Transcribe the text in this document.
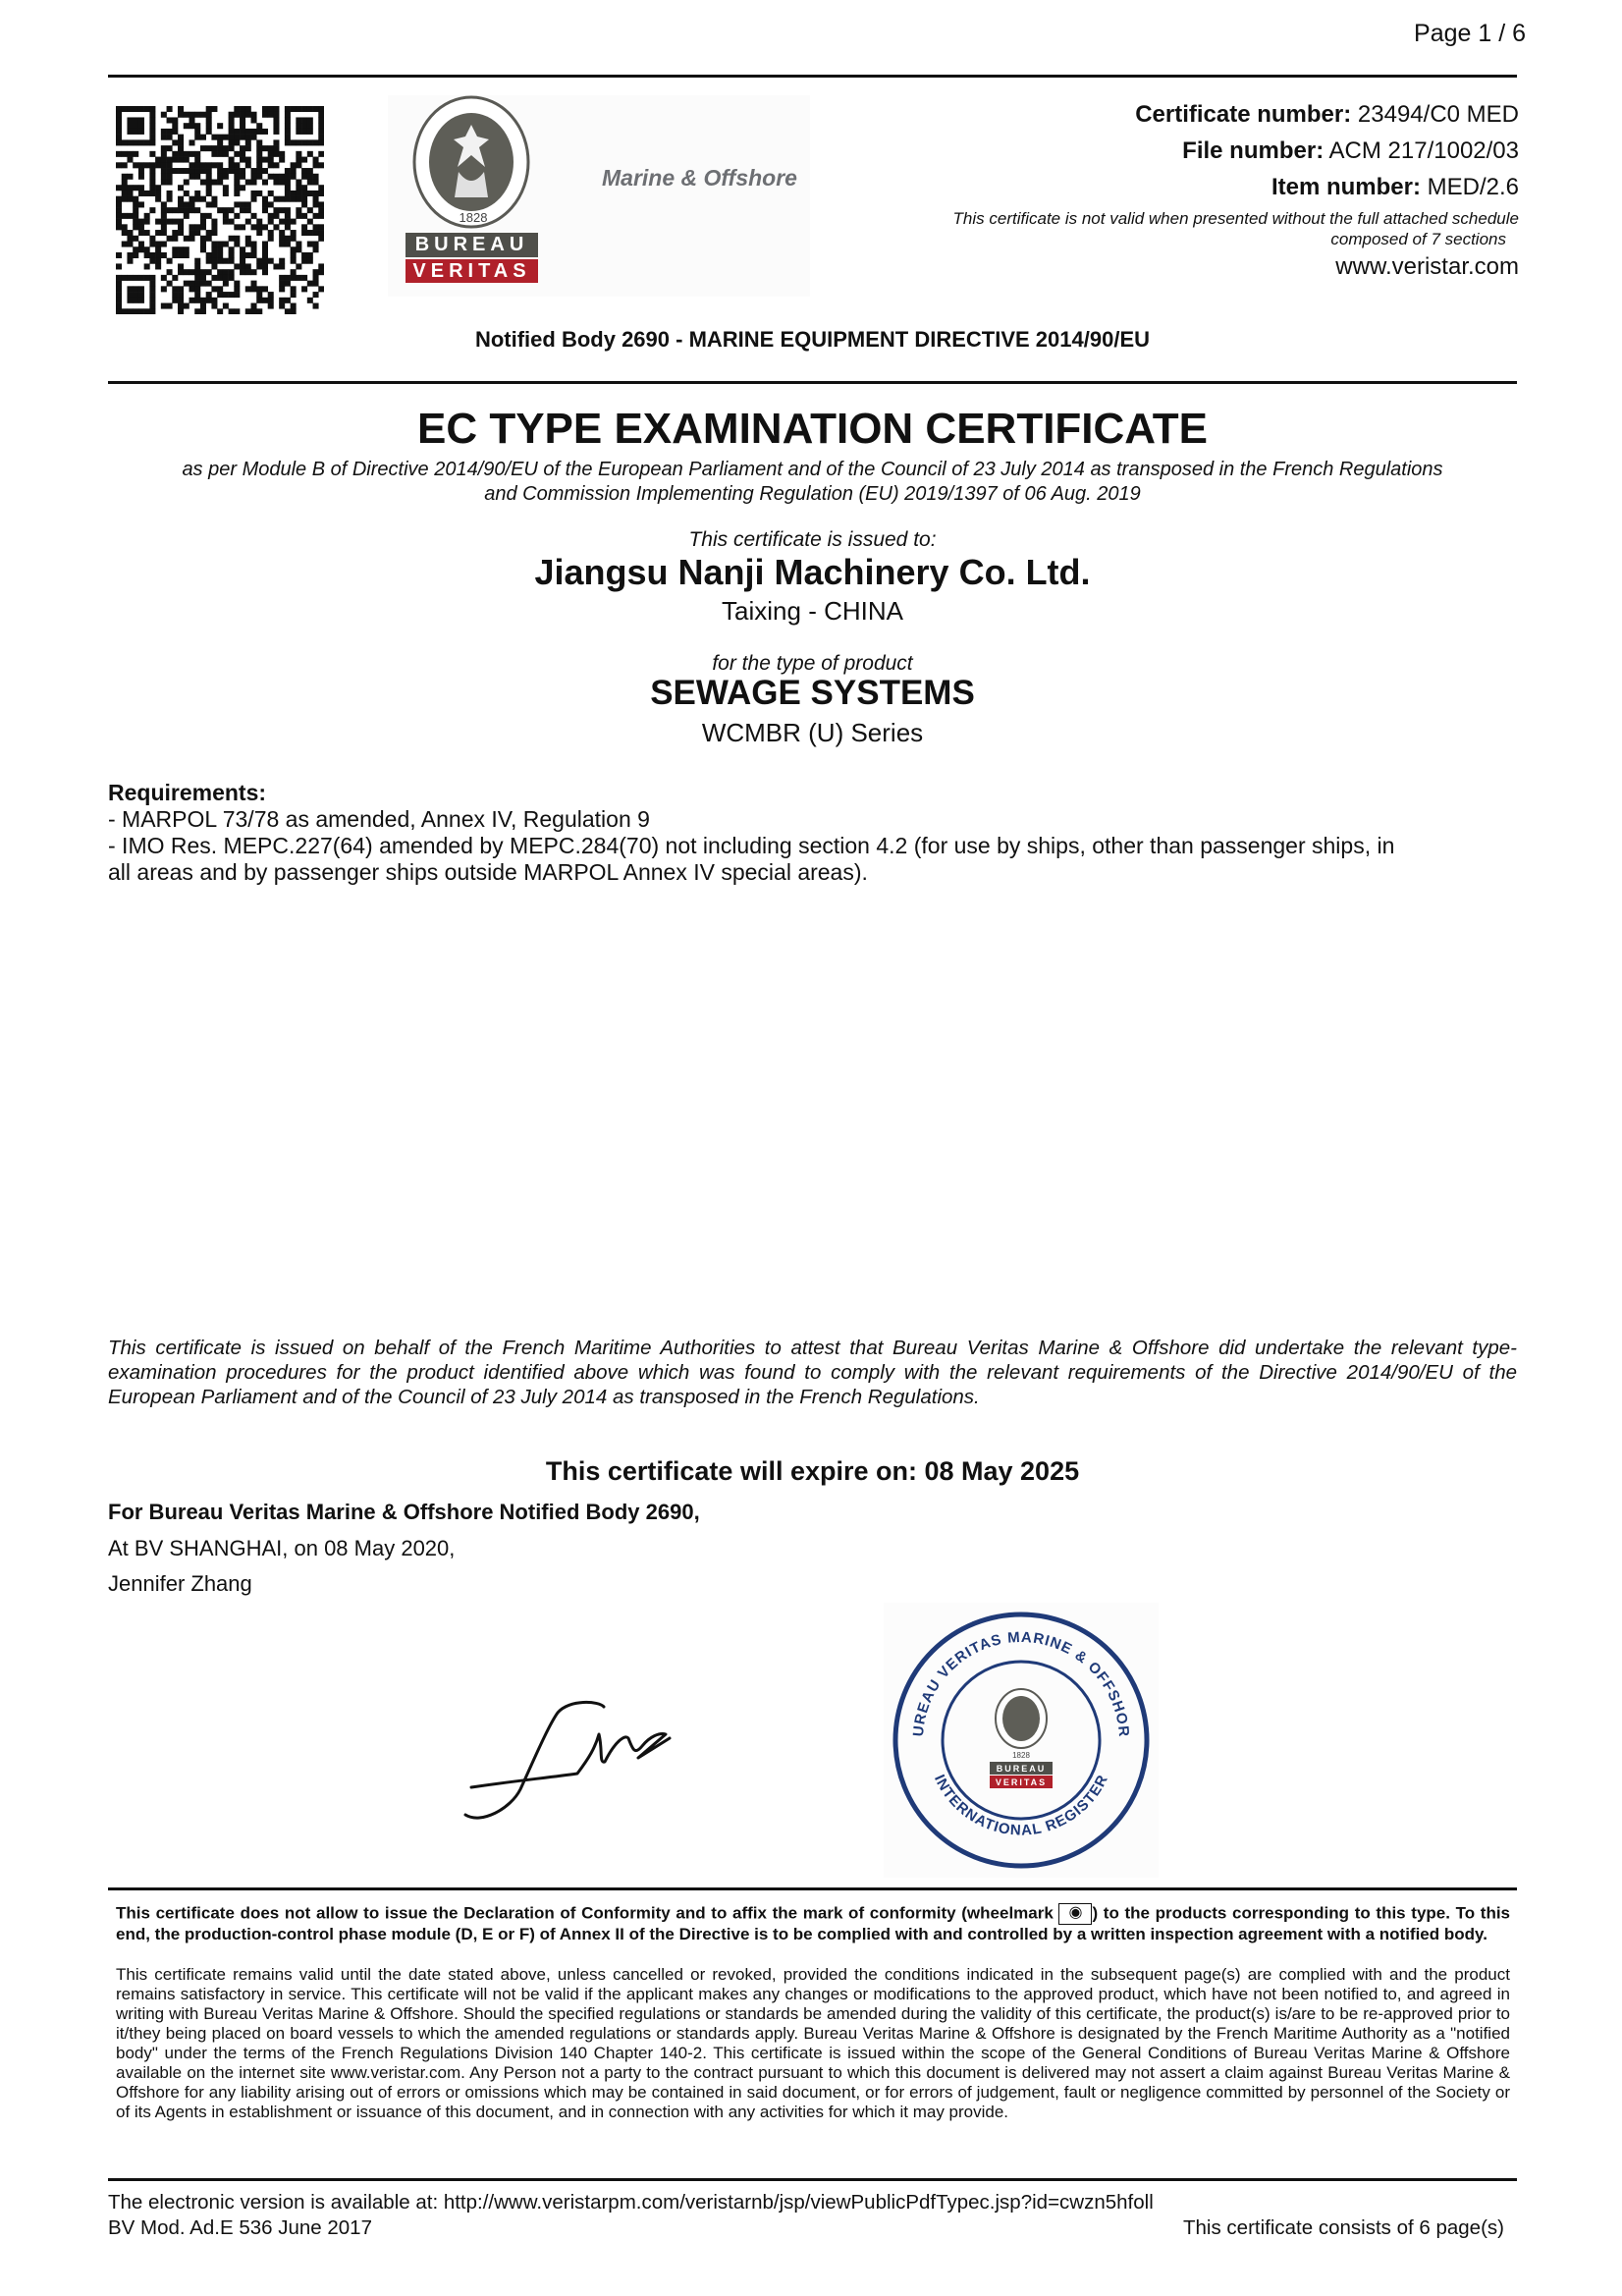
Page 1 / 6
1828
BUREAU
VERITAS
Marine & Offshore
Certificate number: 23494/C0 MED
File number: ACM 217/1002/03
Item number: MED/2.6
This certificate is not valid when presented without the full attached schedule
composed of 7 sections
www.veristar.com
Notified Body 2690 - MARINE EQUIPMENT DIRECTIVE 2014/90/EU
EC TYPE EXAMINATION CERTIFICATE
as per Module B of Directive 2014/90/EU of the European Parliament and of the Council of 23 July 2014 as transposed in the French Regulations
and Commission Implementing Regulation (EU) 2019/1397 of 06 Aug. 2019
This certificate is issued to:
Jiangsu Nanji Machinery Co. Ltd.
Taixing - CHINA
for the type of product
SEWAGE SYSTEMS
WCMBR (U) Series
Requirements:
- MARPOL 73/78 as amended, Annex IV, Regulation 9
- IMO Res. MEPC.227(64) amended by MEPC.284(70) not including section 4.2 (for use by ships, other than passenger ships, in
all areas and by passenger ships outside MARPOL Annex IV special areas).
This certificate is issued on behalf of the French Maritime Authorities to attest that Bureau Veritas Marine & Offshore did undertake the relevant type-examination procedures for the product identified above which was found to comply with the relevant requirements of the Directive 2014/90/EU of the European Parliament and of the Council of 23 July 2014 as transposed in the French Regulations.
This certificate will expire on: 08 May 2025
For Bureau Veritas Marine & Offshore Notified Body 2690,
At BV SHANGHAI, on 08 May 2020,
Jennifer Zhang
UREAU VERITAS MARINE & OFFSHOR
INTERNATIONAL REGISTER
1828
BUREAU
VERITAS
This certificate does not allow to issue the Declaration of Conformity and to affix the mark of conformity (wheelmark ◉ ) to the products corresponding to this type. To this end, the production-control phase module (D, E or F) of Annex II of the Directive is to be complied with and controlled by a written inspection agreement with a notified body.
This certificate remains valid until the date stated above, unless cancelled or revoked, provided the conditions indicated in the subsequent page(s) are complied with and the product remains satisfactory in service. This certificate will not be valid if the applicant makes any changes or modifications to the approved product, which have not been notified to, and agreed in writing with Bureau Veritas Marine & Offshore. Should the specified regulations or standards be amended during the validity of this certificate, the product(s) is/are to be re-approved prior to it/they being placed on board vessels to which the amended regulations or standards apply. Bureau Veritas Marine & Offshore is designated by the French Maritime Authority as a "notified body" under the terms of the French Regulations Division 140 Chapter 140-2. This certificate is issued within the scope of the General Conditions of Bureau Veritas Marine & Offshore available on the internet site www.veristar.com. Any Person not a party to the contract pursuant to which this document is delivered may not assert a claim against Bureau Veritas Marine & Offshore for any liability arising out of errors or omissions which may be contained in said document, or for errors of judgement, fault or negligence committed by personnel of the Society or of its Agents in establishment or issuance of this document, and in connection with any activities for which it may provide.
The electronic version is available at: http://www.veristarpm.com/veristarnb/jsp/viewPublicPdfTypec.jsp?id=cwzn5hfoll
BV Mod. Ad.E 536 June 2017	This certificate consists of 6 page(s)
